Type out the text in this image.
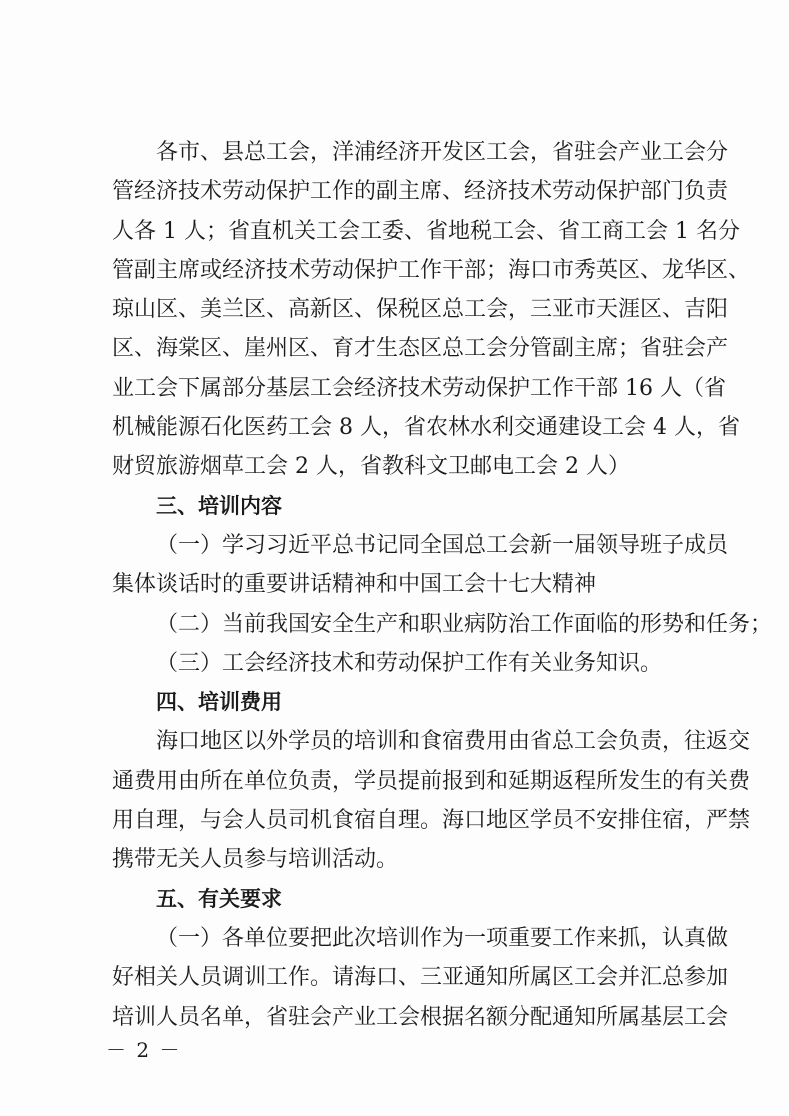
各市、县总工会，洋浦经济开发区工会，省驻会产业工会分
管经济技术劳动保护工作的副主席、经济技术劳动保护部门负责
人各 1 人；省直机关工会工委、省地税工会、省工商工会 1 名分
管副主席或经济技术劳动保护工作干部；海口市秀英区、龙华区、
琼山区、美兰区、高新区、保税区总工会，三亚市天涯区、吉阳
区、海棠区、崖州区、育才生态区总工会分管副主席；省驻会产
业工会下属部分基层工会经济技术劳动保护工作干部 16 人（省
机械能源石化医药工会 8 人，省农林水利交通建设工会 4 人，省
财贸旅游烟草工会 2 人，省教科文卫邮电工会 2 人）
三、培训内容
（一）学习习近平总书记同全国总工会新一届领导班子成员
集体谈话时的重要讲话精神和中国工会十七大精神
（二）当前我国安全生产和职业病防治工作面临的形势和任务；
（三）工会经济技术和劳动保护工作有关业务知识。
四、培训费用
海口地区以外学员的培训和食宿费用由省总工会负责，往返交
通费用由所在单位负责，学员提前报到和延期返程所发生的有关费
用自理，与会人员司机食宿自理。海口地区学员不安排住宿，严禁
携带无关人员参与培训活动。
五、有关要求
（一）各单位要把此次培训作为一项重要工作来抓，认真做
好相关人员调训工作。请海口、三亚通知所属区工会并汇总参加
培训人员名单，省驻会产业工会根据名额分配通知所属基层工会
－ 2 －
